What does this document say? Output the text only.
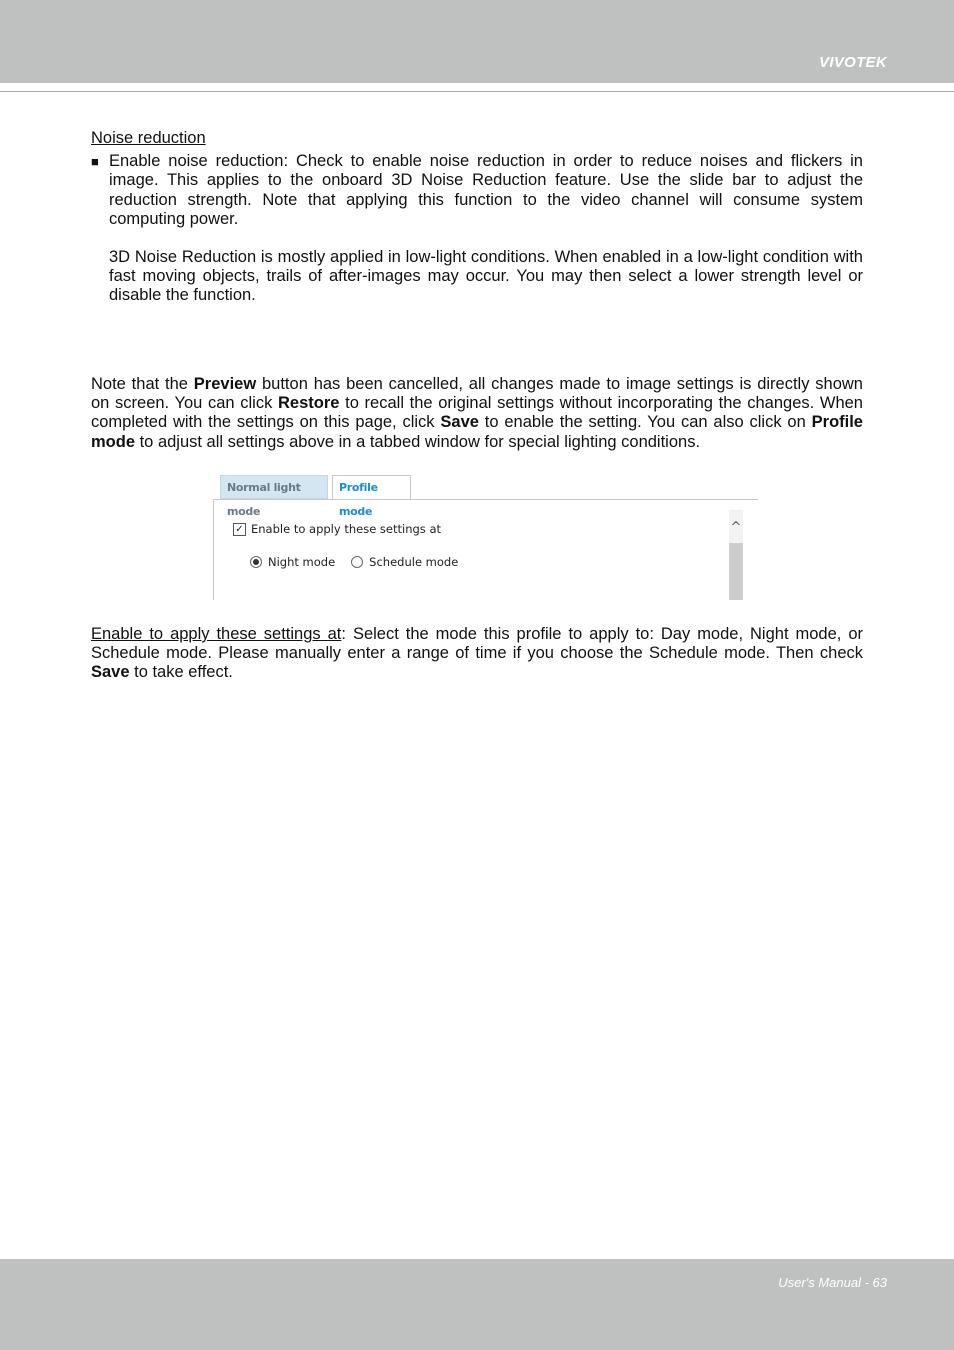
VIVOTEK

Noise reduction

■ Enable noise reduction: Check to enable noise reduction in order to reduce noises and flickers in image. This applies to the onboard 3D Noise Reduction feature. Use the slide bar to adjust the reduction strength. Note that applying this function to the video channel will consume system computing power.

3D Noise Reduction is mostly applied in low-light conditions. When enabled in a low-light condition with fast moving objects, trails of after-images may occur. You may then select a lower strength level or disable the function.

Note that the Preview button has been cancelled, all changes made to image settings is directly shown on screen. You can click Restore to recall the original settings without incorporating the changes. When completed with the settings on this page, click Save to enable the setting. You can also click on Profile mode to adjust all settings above in a tabbed window for special lighting conditions.
Normal light mode
Profile mode
✓ Enable to apply these settings at
Night mode	Schedule mode
^
Enable to apply these settings at: Select the mode this profile to apply to: Day mode, Night mode, or Schedule mode. Please manually enter a range of time if you choose the Schedule mode. Then check Save to take effect.
User's Manual - 63
